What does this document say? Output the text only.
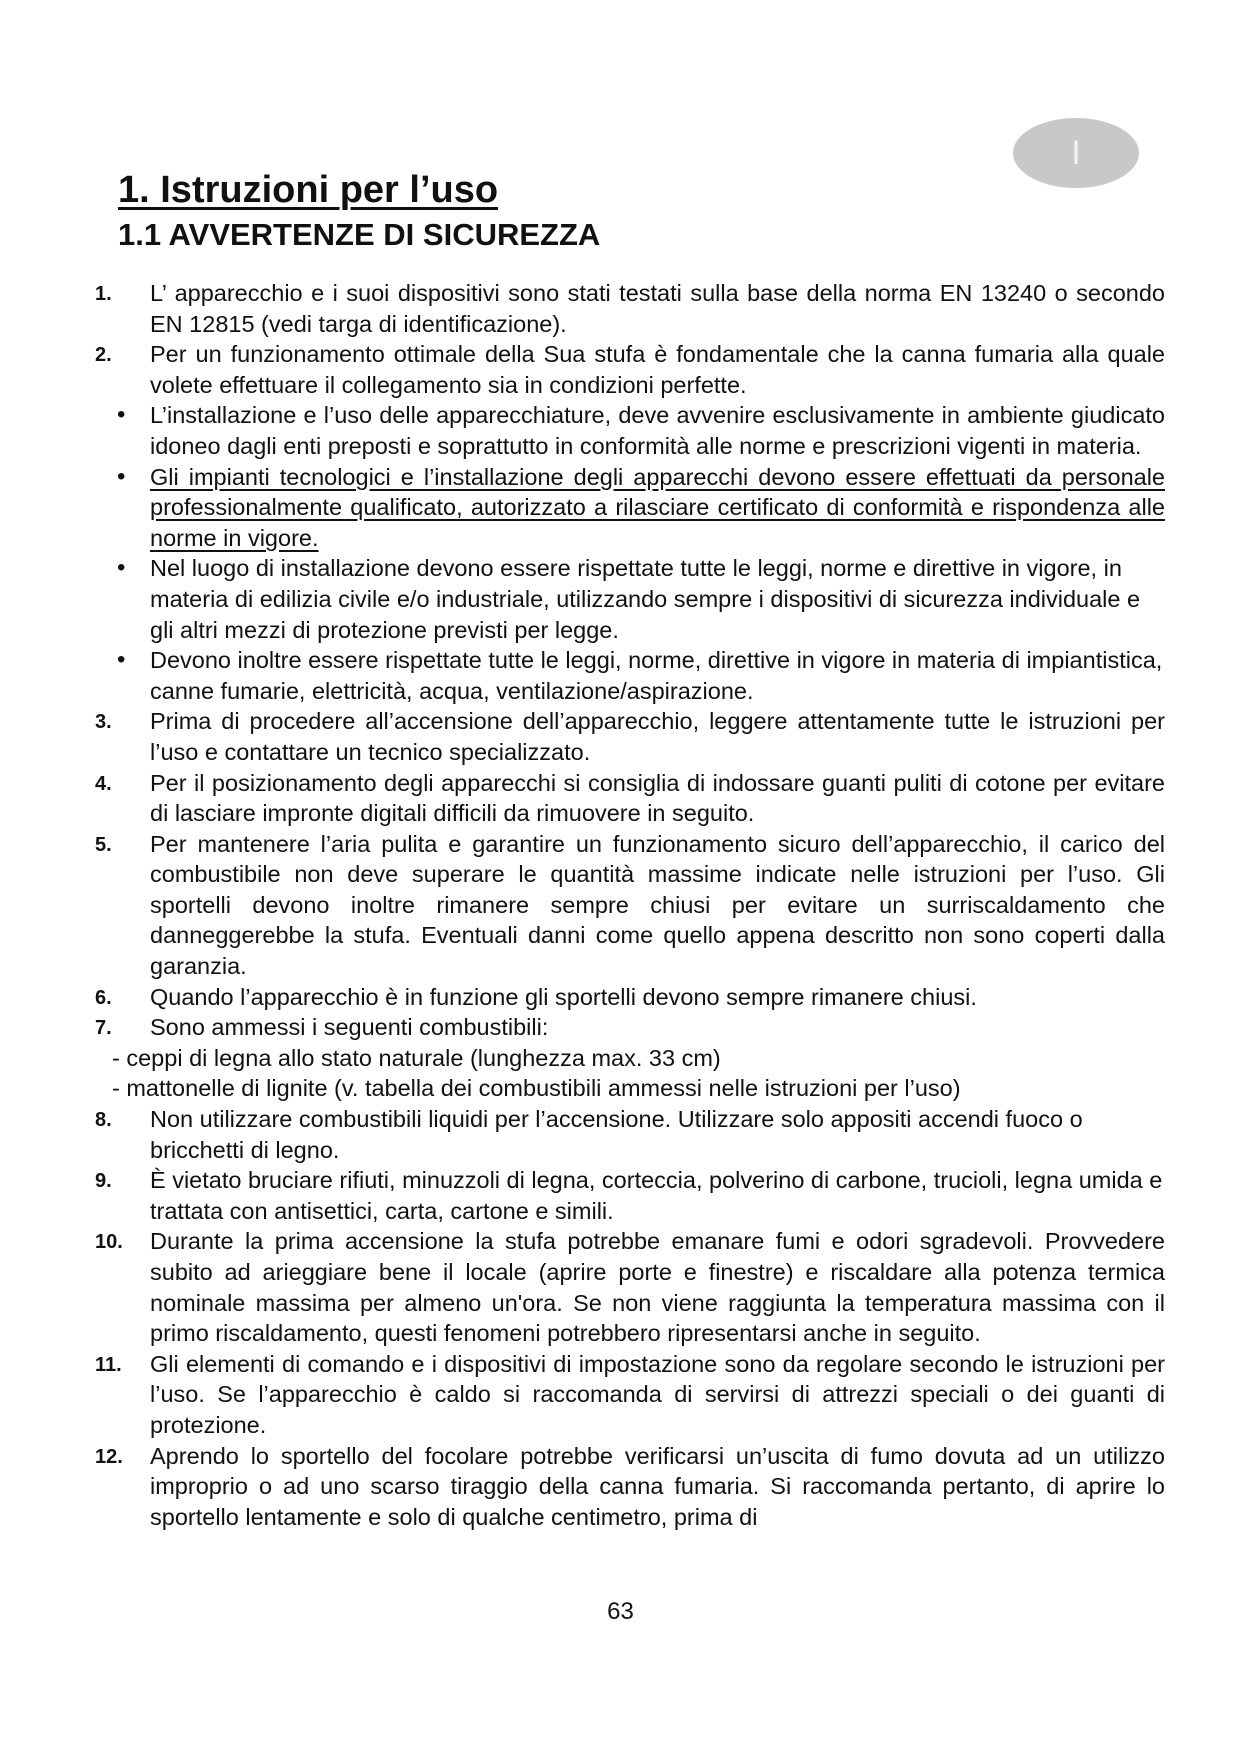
I
1. Istruzioni per l’uso
1.1 AVVERTENZE DI SICUREZZA
1. L’ apparecchio e i suoi dispositivi sono stati testati sulla base della norma EN 13240 o secondo EN 12815 (vedi targa di identificazione).
2. Per un funzionamento ottimale della Sua stufa è fondamentale che la canna fumaria alla quale volete effettuare il collegamento sia in condizioni perfette.
• L’installazione e l’uso delle apparecchiature, deve avvenire esclusivamente in ambiente giudicato idoneo dagli enti preposti e soprattutto in conformità alle norme e prescrizioni vigenti in materia.
• Gli impianti tecnologici e l’installazione degli apparecchi devono essere effettuati da personale professionalmente qualificato, autorizzato a rilasciare certificato di conformità e rispondenza alle norme in vigore.
• Nel luogo di installazione devono essere rispettate tutte le leggi, norme e direttive in vigore, in materia di edilizia civile e/o industriale, utilizzando sempre i dispositivi di sicurezza individuale e gli altri mezzi di protezione previsti per legge.
• Devono inoltre essere rispettate tutte le leggi, norme, direttive in vigore in materia di impiantistica, canne fumarie, elettricità, acqua, ventilazione/aspirazione.
3. Prima di procedere all’accensione dell’apparecchio, leggere attentamente tutte le istruzioni per l’uso e contattare un tecnico specializzato.
4. Per il posizionamento degli apparecchi si consiglia di indossare guanti puliti di cotone per evitare di lasciare impronte digitali difficili da rimuovere in seguito.
5. Per mantenere l’aria pulita e garantire un funzionamento sicuro dell’apparecchio, il carico del combustibile non deve superare le quantità massime indicate nelle istruzioni per l’uso. Gli sportelli devono inoltre rimanere sempre chiusi per evitare un surriscaldamento che danneggerebbe la stufa. Eventuali danni come quello appena descritto non sono coperti dalla garanzia.
6. Quando l’apparecchio è in funzione gli sportelli devono sempre rimanere chiusi.
7. Sono ammessi i seguenti combustibili:
- ceppi di legna allo stato naturale (lunghezza max. 33 cm)
- mattonelle di lignite (v. tabella dei combustibili ammessi nelle istruzioni per l’uso)
8. Non utilizzare combustibili liquidi per l’accensione. Utilizzare solo appositi accendi fuoco o bricchetti di legno.
9. È vietato bruciare rifiuti, minuzzoli di legna, corteccia, polverino di carbone, trucioli, legna umida e trattata con antisettici, carta, cartone e simili.
10. Durante la prima accensione la stufa potrebbe emanare fumi e odori sgradevoli. Provvedere subito ad arieggiare bene il locale (aprire porte e finestre) e riscaldare alla potenza termica nominale massima per almeno un'ora. Se non viene raggiunta la temperatura massima con il primo riscaldamento, questi fenomeni potrebbero ripresentarsi anche in seguito.
11. Gli elementi di comando e i dispositivi di impostazione sono da regolare secondo le istruzioni per l’uso. Se l’apparecchio è caldo si raccomanda di servirsi di attrezzi speciali o dei guanti di protezione.
12. Aprendo lo sportello del focolare potrebbe verificarsi un’uscita di fumo dovuta ad un utilizzo improprio o ad uno scarso tiraggio della canna fumaria. Si raccomanda pertanto, di aprire lo sportello lentamente e solo di qualche centimetro, prima di
63
